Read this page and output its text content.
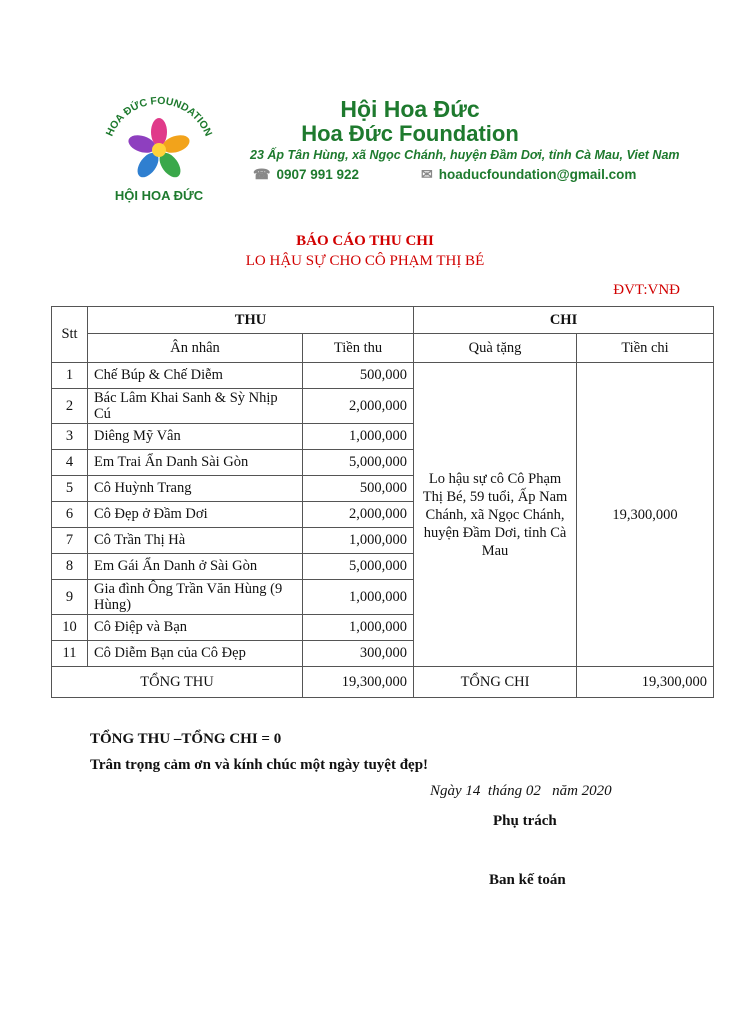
HOA ĐỨC FOUNDATION
HỘI HOA ĐỨC
Hội Hoa Đức
Hoa Đức Foundation
23 Ấp Tân Hùng, xã Ngọc Chánh, huyện Đầm Dơi, tỉnh Cà Mau, Viet Nam
☎ 0907 991 922	✉ hoaducfoundation@gmail.com
BÁO CÁO THU CHI
LO HẬU SỰ CHO CÔ PHẠM THỊ BÉ
ĐVT:VNĐ
Stt	THU		CHI	
	Ân nhân	Tiền thu	Quà tặng	Tiền chi
1	Chế Búp & Chế Diễm	500,000	Lo hậu sự cô Cô Phạm Thị Bé, 59 tuổi, Ấp Nam Chánh, xã Ngọc Chánh, huyện Đầm Dơi, tỉnh Cà Mau	19,300,000
2	Bác Lâm Khai Sanh & Sỳ Nhịp Cú	2,000,000		
3	Diêng Mỹ Vân	1,000,000		
4	Em Trai Ẩn Danh Sài Gòn	5,000,000		
5	Cô Huỳnh Trang	500,000		
6	Cô Đẹp ở Đầm Dơi	2,000,000		
7	Cô Trần Thị Hà	1,000,000		
8	Em Gái Ẩn Danh ở Sài Gòn	5,000,000		
9	Gia đình Ông Trần Văn Hùng (9 Hùng)	1,000,000		
10	Cô Điệp và Bạn	1,000,000		
11	Cô Diễm Bạn của Cô Đẹp	300,000		
TỔNG THU		19,300,000	TỔNG CHI	19,300,000
TỔNG THU –TỔNG CHI = 0
Trân trọng cảm ơn và kính chúc một ngày tuyệt đẹp!
Ngày 14  tháng 02   năm 2020
Phụ trách
Ban kế toán
